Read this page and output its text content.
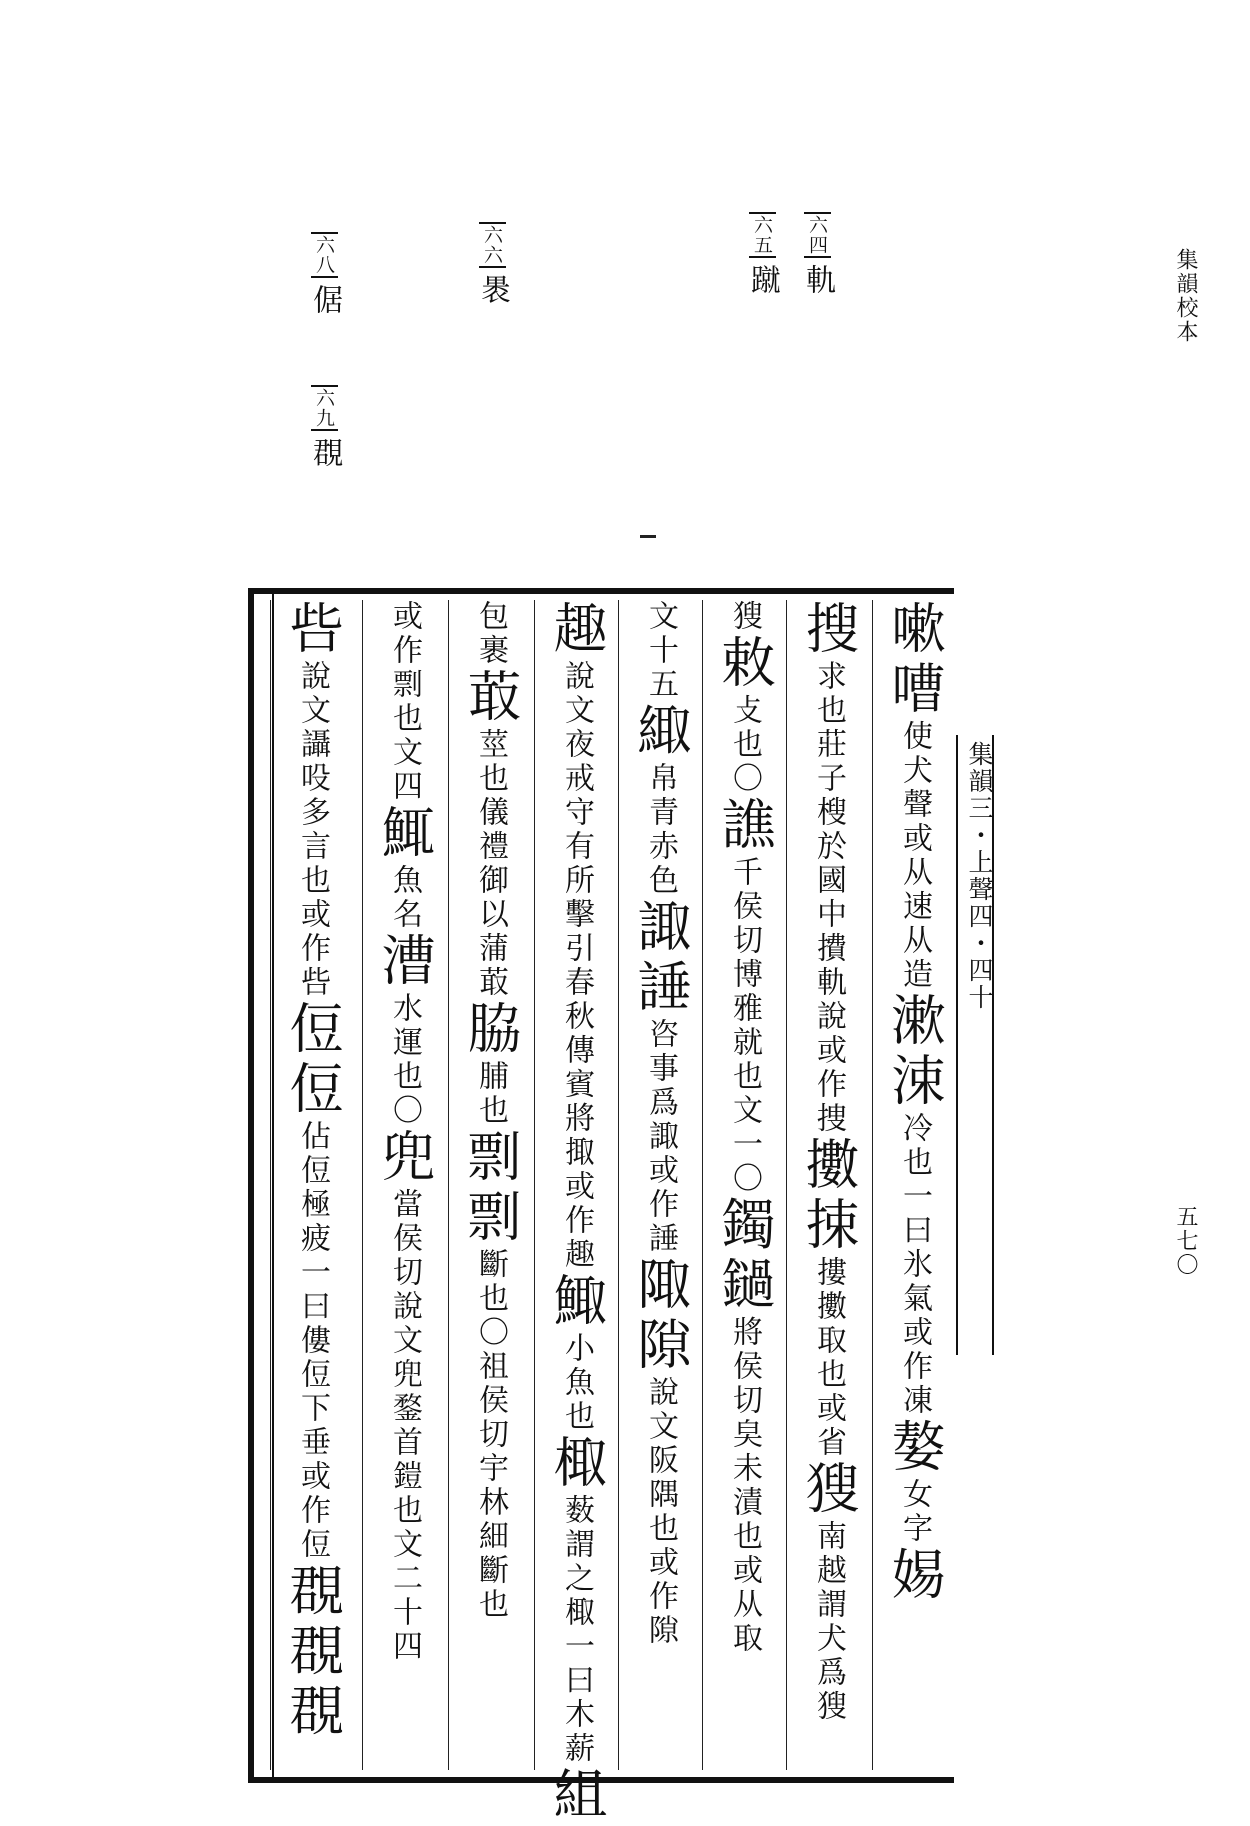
集韻校本
五七〇
六四軌
六五蹴
六六褁
六八倨
六九覠
集韻三・上聲四・四十
嗽嘈使犬聲或从速从造漱涑冷也一曰氷氣或作凍嫯女字㛫
搜求也莊子㮴於國中㩌軌說或作捜擻捒摟擻取也或省獀南越謂犬爲獀
獀敕攴也〇譙千侯切博雅就也文一〇鐲鐹將侯切㚖未漬也或从取
文十五緅帛青赤色諏諈咨事爲諏或作諈陬隙說文阪隅也或作隙
趣說文夜戒守有所擊引春秋傳賓將掫或作趣鯫小魚也棷薮謂之棷一曰木薪組
包裹菆莖也儀禮御以蒲菆脇脯也剽剽斷也〇祖侯切宇林細斷也
或作剽也文四鮿魚名漕水運也〇兜當侯切說文兜鍪首鎧也文二十四
呰說文讘吺多言也或作呰侸侸佔侸極疲一曰僂侸下垂或作侸覠覠覠
